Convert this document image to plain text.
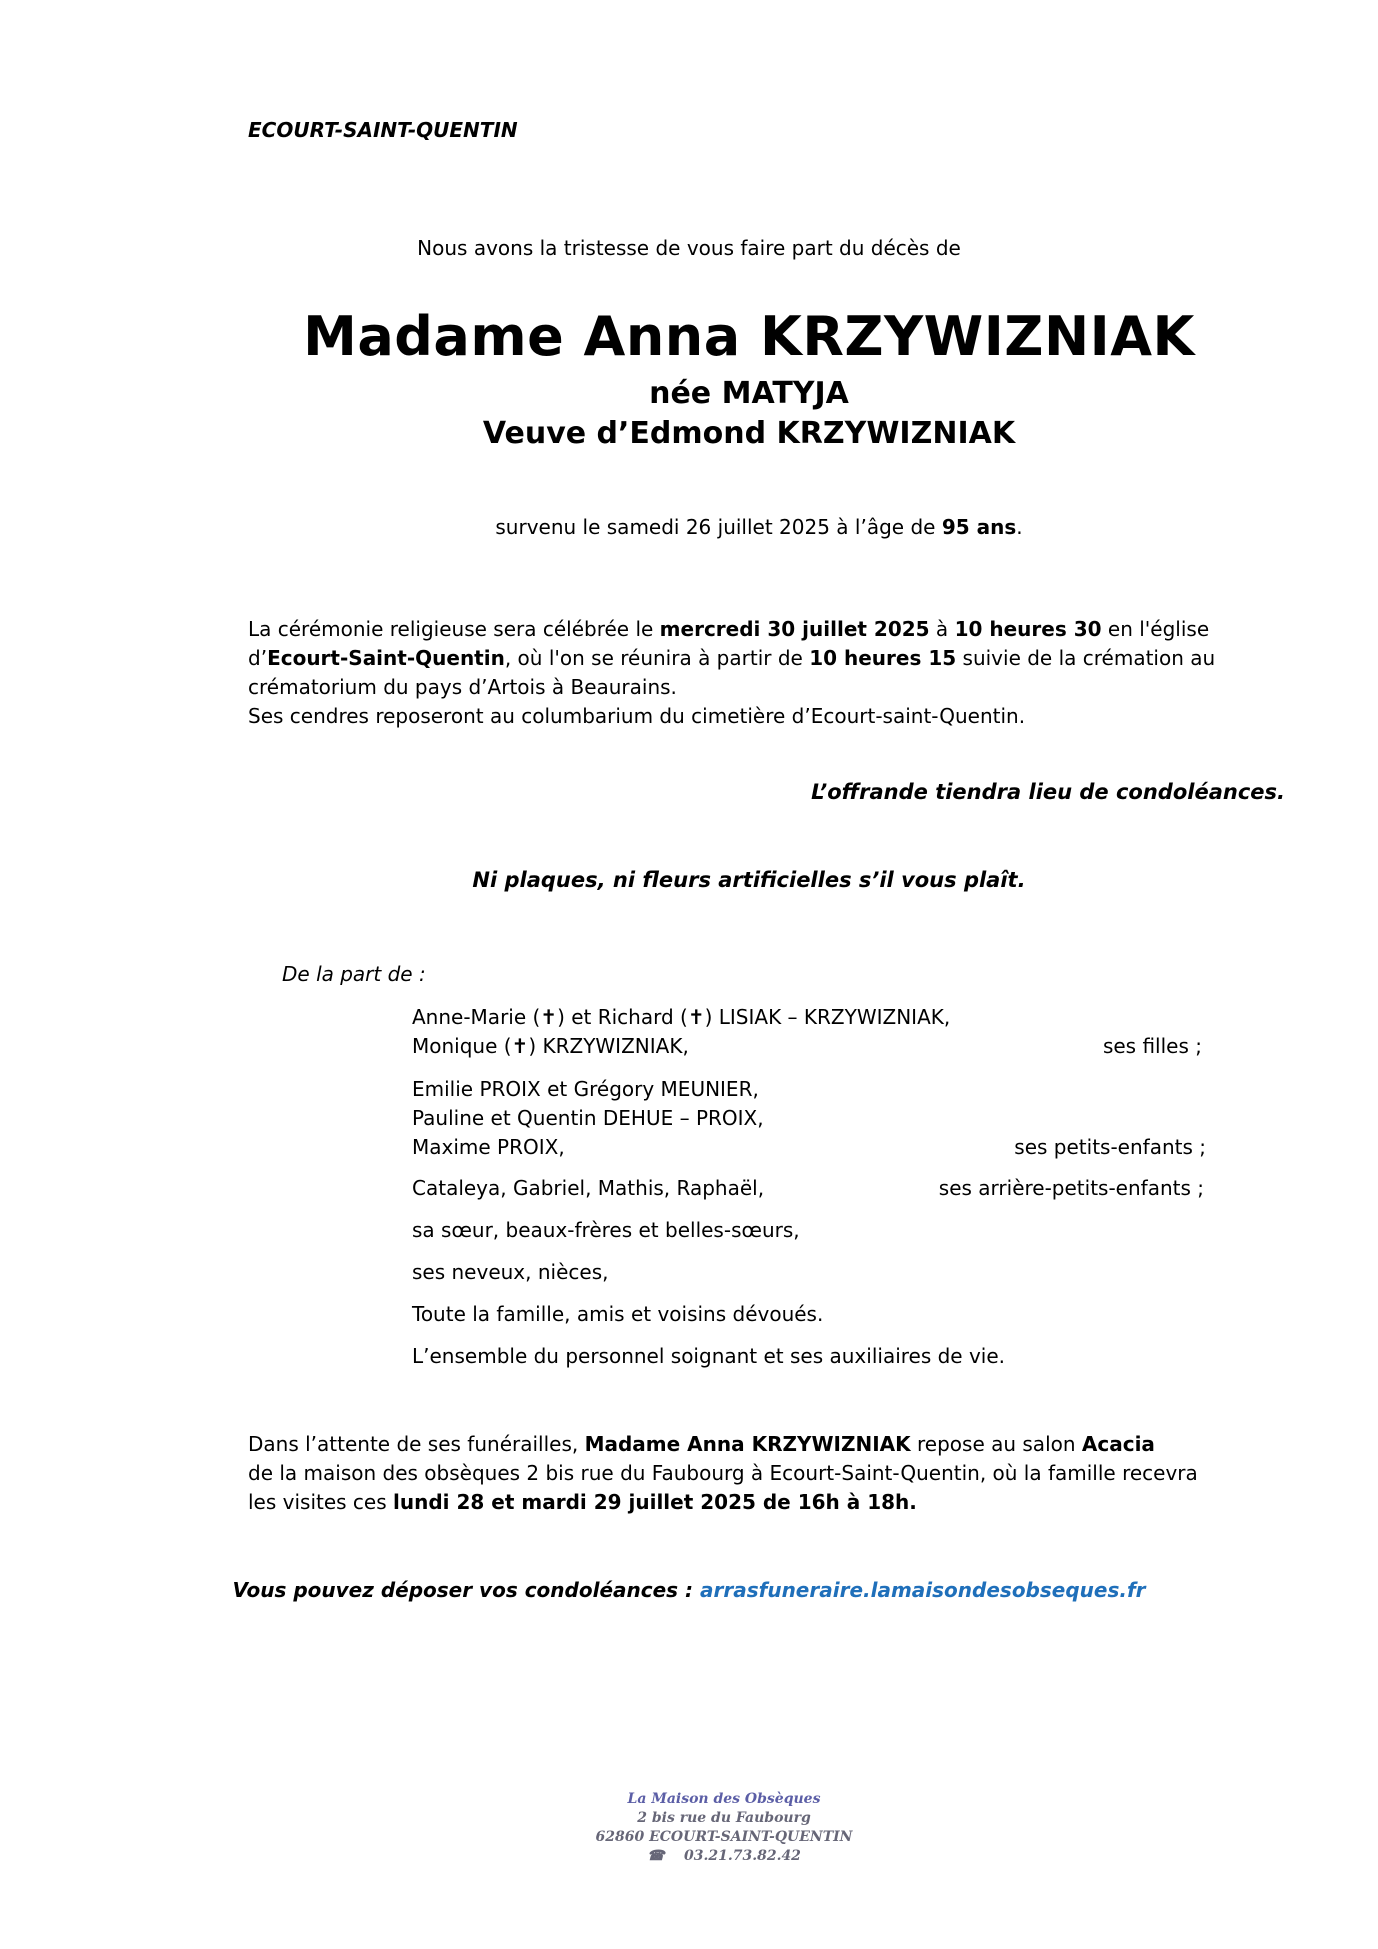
ECOURT-SAINT-QUENTIN
Nous avons la tristesse de vous faire part du décès de
Madame Anna KRZYWIZNIAK
née MATYJA
Veuve d’Edmond KRZYWIZNIAK
survenu le samedi 26 juillet 2025 à l’âge de 95 ans.
La cérémonie religieuse sera célébrée le mercredi 30 juillet 2025 à 10 heures 30 en l'église d’Ecourt-Saint-Quentin, où l'on se réunira à partir de 10 heures 15 suivie de la crémation au crématorium du pays d’Artois à Beaurains.
Ses cendres reposeront au columbarium du cimetière d’Ecourt-saint-Quentin.
L’offrande tiendra lieu de condoléances.
Ni plaques, ni fleurs artificielles s’il vous plaît.
De la part de :
Anne-Marie (✝) et Richard (✝) LISIAK – KRZYWIZNIAK,
Monique (✝) KRZYWIZNIAK,	ses filles ;
Emilie PROIX et Grégory MEUNIER,
Pauline et Quentin DEHUE – PROIX,
Maxime PROIX,	ses petits-enfants ;
Cataleya, Gabriel, Mathis, Raphaël,	ses arrière-petits-enfants ;
sa sœur, beaux-frères et belles-sœurs,
ses neveux, nièces,
Toute la famille, amis et voisins dévoués.
L’ensemble du personnel soignant et ses auxiliaires de vie.
Dans l’attente de ses funérailles, Madame Anna KRZYWIZNIAK repose au salon Acacia
de la maison des obsèques 2 bis rue du Faubourg à Ecourt-Saint-Quentin, où la famille recevra
les visites ces lundi 28 et mardi 29 juillet 2025 de 16h à 18h.
Vous pouvez déposer vos condoléances : arrasfuneraire.lamaisondesobseques.fr
La Maison des Obsèques
2 bis rue du Faubourg
62860 ECOURT-SAINT-QUENTIN
☎ 03.21.73.82.42
